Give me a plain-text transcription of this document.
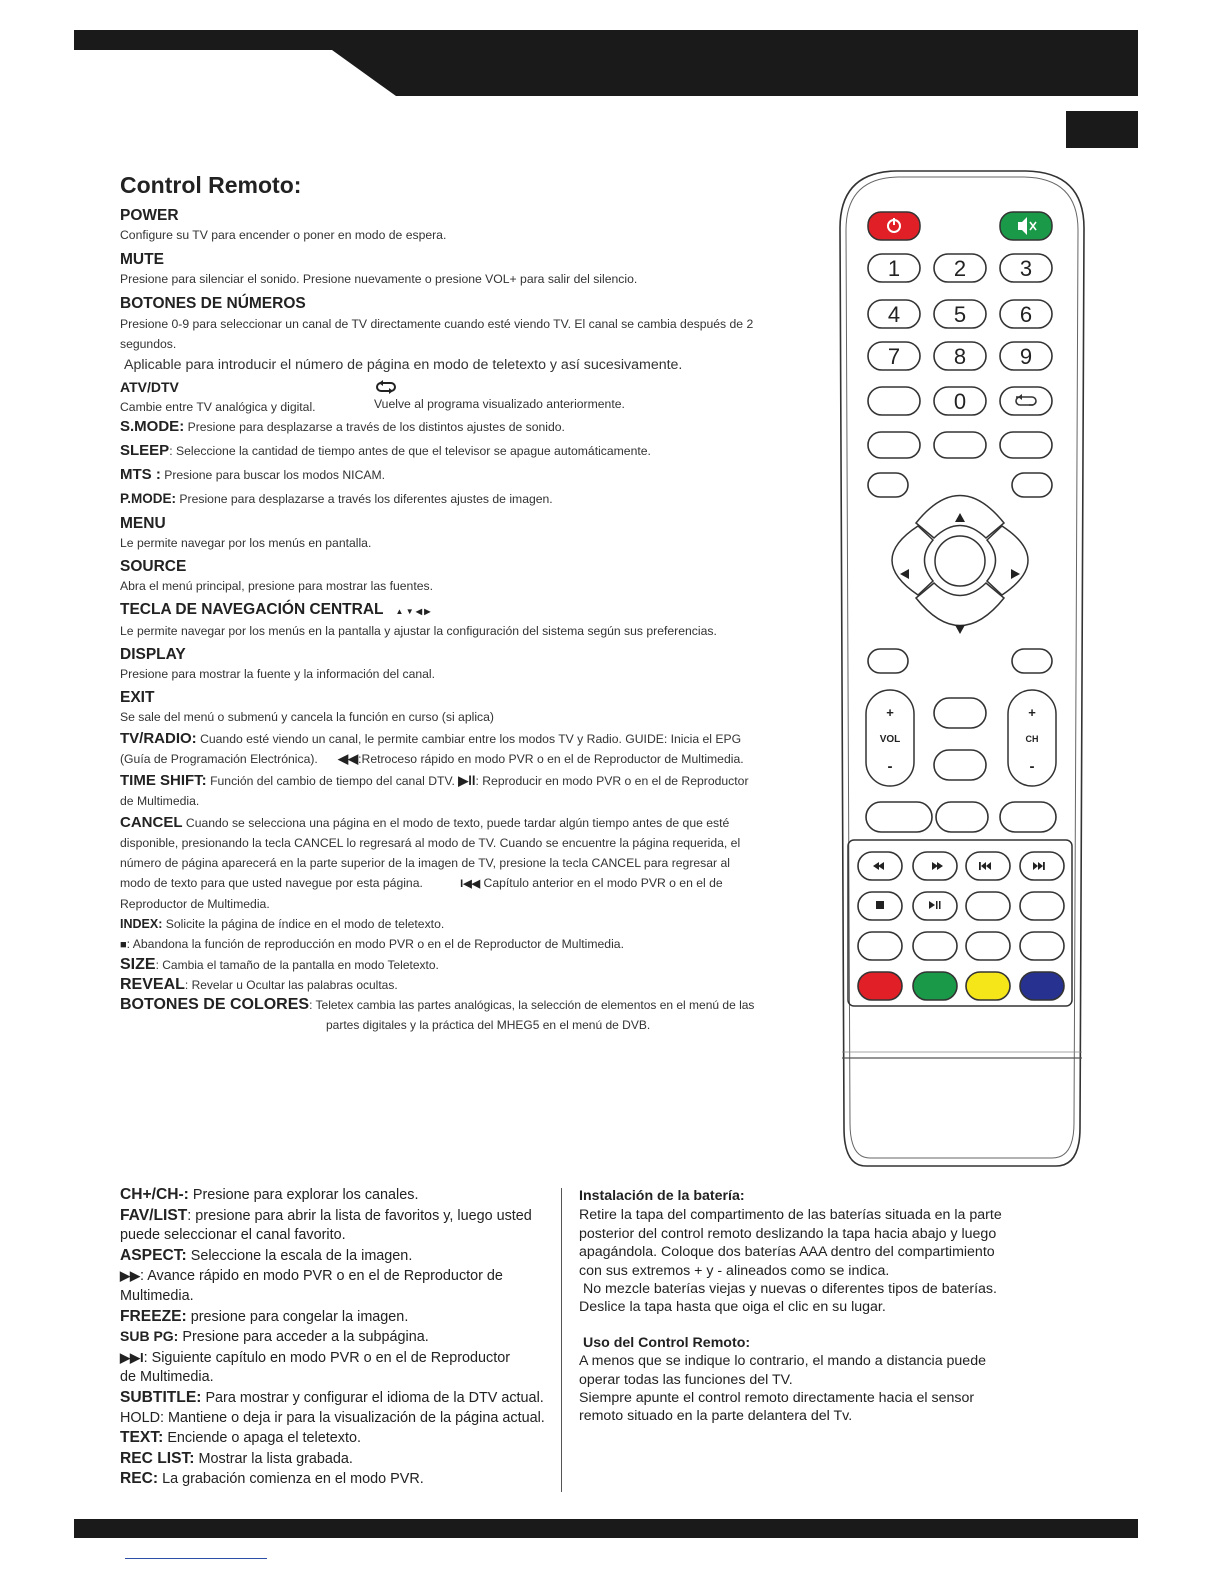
Control Remoto:

POWER

Configure su TV para encender o poner en modo de espera.

MUTE

Presione para silenciar el sonido. Presione nuevamente o presione VOL+ para salir del silencio.

BOTONES DE NÚMEROS

Presione 0-9 para seleccionar un canal de TV directamente cuando esté viendo TV. El canal se cambia después de 2 segundos.

Aplicable para introducir el número de página en modo de teletexto y así sucesivamente.

ATV/DTV

Cambie entre TV analógica y digital.	Vuelve al programa visualizado anteriormente.

S.MODE: Presione para desplazarse a través de los distintos ajustes de sonido.

SLEEP: Seleccione la cantidad de tiempo antes de que el televisor se apague automáticamente.

MTS : Presione para buscar los modos NICAM.

P.MODE: Presione para desplazarse a través los diferentes ajustes de imagen.

MENU

Le permite navegar por los menús en pantalla.

SOURCE

Abra el menú principal, presione para mostrar las fuentes.

TECLA DE NAVEGACIÓN CENTRAL ▲ ▼ ◀ ▶

Le permite navegar por los menús en la pantalla y ajustar la configuración del sistema según sus preferencias.

DISPLAY

Presione para mostrar la fuente y la información del canal.

EXIT

Se sale del menú o submenú y cancela la función en curso (si aplica)

TV/RADIO: Cuando esté viendo un canal, le permite cambiar entre los modos TV y Radio. GUIDE: Inicia el EPG

(Guía de Programación Electrónica). ◀◀:Retroceso rápido en modo PVR o en el de Reproductor de Multimedia.

TIME SHIFT: Función del cambio de tiempo del canal DTV. ▶ll: Reproducir en modo PVR o en el de Reproductor

de Multimedia.

CANCEL Cuando se selecciona una página en el modo de texto, puede tardar algún tiempo antes de que esté

disponible, presionando la tecla CANCEL lo regresará al modo de TV. Cuando se encuentre la página requerida, el

número de página aparecerá en la parte superior de la imagen de TV, presione la tecla CANCEL para regresar al

modo de texto para que usted navegue por esta página.	I◀◀ Capítulo anterior en el modo PVR o en el de

Reproductor de Multimedia.

INDEX: Solicite la página de índice en el modo de teletexto.

■: Abandona la función de reproducción en modo PVR o en el de Reproductor de Multimedia.

SIZE: Cambia el tamaño de la pantalla en modo Teletexto.

REVEAL: Revelar u Ocultar las palabras ocultas.

BOTONES DE COLORES: Teletex cambia las partes analógicas, la selección de elementos en el menú de las

partes digitales y la práctica del MHEG5 en el menú de DVB.

1 2 3
4 5 6
7 8 9
0
+
VOL
-
+
CH
-

CH+/CH-: Presione para explorar los canales.

FAV/LIST: presione para abrir la lista de favoritos y, luego usted puede seleccionar el canal favorito.

ASPECT: Seleccione la escala de la imagen.

▶▶: Avance rápido en modo PVR o en el de Reproductor de Multimedia.

FREEZE: presione para congelar la imagen.

SUB PG: Presione para acceder a la subpágina.

▶▶I: Siguiente capítulo en modo PVR o en el de Reproductor

de Multimedia.

SUBTITLE: Para mostrar y configurar el idioma de la DTV actual.

HOLD: Mantiene o deja ir para la visualización de la página actual.

TEXT: Enciende o apaga el teletexto.

REC LIST: Mostrar la lista grabada.

REC: La grabación comienza en el modo PVR.

Instalación de la batería:

Retire la tapa del compartimento de las baterías situada en la parte

posterior del control remoto deslizando la tapa hacia abajo y luego

apagándola. Coloque dos baterías AAA dentro del compartimiento

con sus extremos + y - alineados como se indica.

No mezcle baterías viejas y nuevas o diferentes tipos de baterías.

Deslice la tapa hasta que oiga el clic en su lugar.

Uso del Control Remoto:

A menos que se indique lo contrario, el mando a distancia puede

operar todas las funciones del TV.

Siempre apunte el control remoto directamente hacia el sensor

remoto situado en la parte delantera del Tv.
